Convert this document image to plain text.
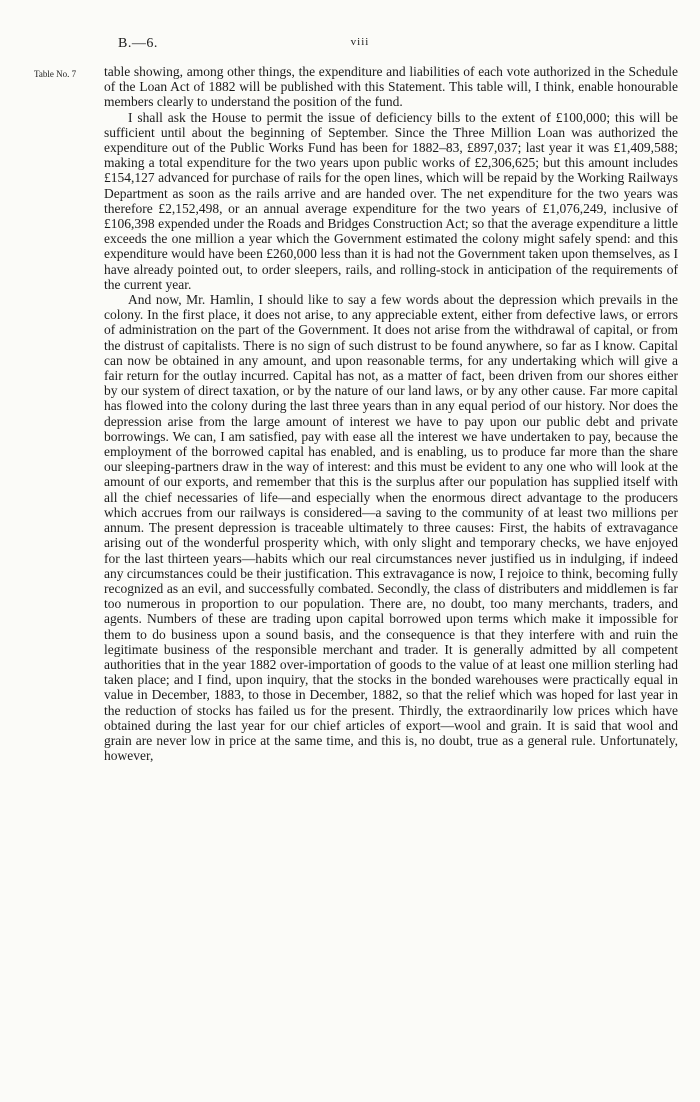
B.—6.	viii
Table No. 7 table showing, among other things, the expenditure and liabilities of each vote authorized in the Schedule of the Loan Act of 1882 will be published with this Statement. This table will, I think, enable honourable members clearly to understand the position of the fund.

I shall ask the House to permit the issue of deficiency bills to the extent of £100,000; this will be sufficient until about the beginning of September. Since the Three Million Loan was authorized the expenditure out of the Public Works Fund has been for 1882–83, £897,037; last year it was £1,409,588; making a total expenditure for the two years upon public works of £2,306,625; but this amount includes £154,127 advanced for purchase of rails for the open lines, which will be repaid by the Working Railways Department as soon as the rails arrive and are handed over. The net expenditure for the two years was therefore £2,152,498, or an annual average expenditure for the two years of £1,076,249, inclusive of £106,398 expended under the Roads and Bridges Construction Act; so that the average expenditure a little exceeds the one million a year which the Government estimated the colony might safely spend: and this expenditure would have been £260,000 less than it is had not the Government taken upon themselves, as I have already pointed out, to order sleepers, rails, and rolling-stock in anticipation of the requirements of the current year.

And now, Mr. Hamlin, I should like to say a few words about the depression which prevails in the colony. In the first place, it does not arise, to any appreciable extent, either from defective laws, or errors of administration on the part of the Government. It does not arise from the withdrawal of capital, or from the distrust of capitalists. There is no sign of such distrust to be found anywhere, so far as I know. Capital can now be obtained in any amount, and upon reasonable terms, for any undertaking which will give a fair return for the outlay incurred. Capital has not, as a matter of fact, been driven from our shores either by our system of direct taxation, or by the nature of our land laws, or by any other cause. Far more capital has flowed into the colony during the last three years than in any equal period of our history. Nor does the depression arise from the large amount of interest we have to pay upon our public debt and private borrowings. We can, I am satisfied, pay with ease all the interest we have undertaken to pay, because the employment of the borrowed capital has enabled, and is enabling, us to produce far more than the share our sleeping-partners draw in the way of interest: and this must be evident to any one who will look at the amount of our exports, and remember that this is the surplus after our population has supplied itself with all the chief necessaries of life—and especially when the enormous direct advantage to the producers which accrues from our railways is considered—a saving to the community of at least two millions per annum. The present depression is traceable ultimately to three causes: First, the habits of extravagance arising out of the wonderful prosperity which, with only slight and temporary checks, we have enjoyed for the last thirteen years—habits which our real circumstances never justified us in indulging, if indeed any circumstances could be their justification. This extravagance is now, I rejoice to think, becoming fully recognized as an evil, and successfully combated. Secondly, the class of distributers and middlemen is far too numerous in proportion to our population. There are, no doubt, too many merchants, traders, and agents. Numbers of these are trading upon capital borrowed upon terms which make it impossible for them to do business upon a sound basis, and the consequence is that they interfere with and ruin the legitimate business of the responsible merchant and trader. It is generally admitted by all competent authorities that in the year 1882 over-importation of goods to the value of at least one million sterling had taken place; and I find, upon inquiry, that the stocks in the bonded warehouses were practically equal in value in December, 1883, to those in December, 1882, so that the relief which was hoped for last year in the reduction of stocks has failed us for the present. Thirdly, the extraordinarily low prices which have obtained during the last year for our chief articles of export—wool and grain. It is said that wool and grain are never low in price at the same time, and this is, no doubt, true as a general rule. Unfortunately, however,
